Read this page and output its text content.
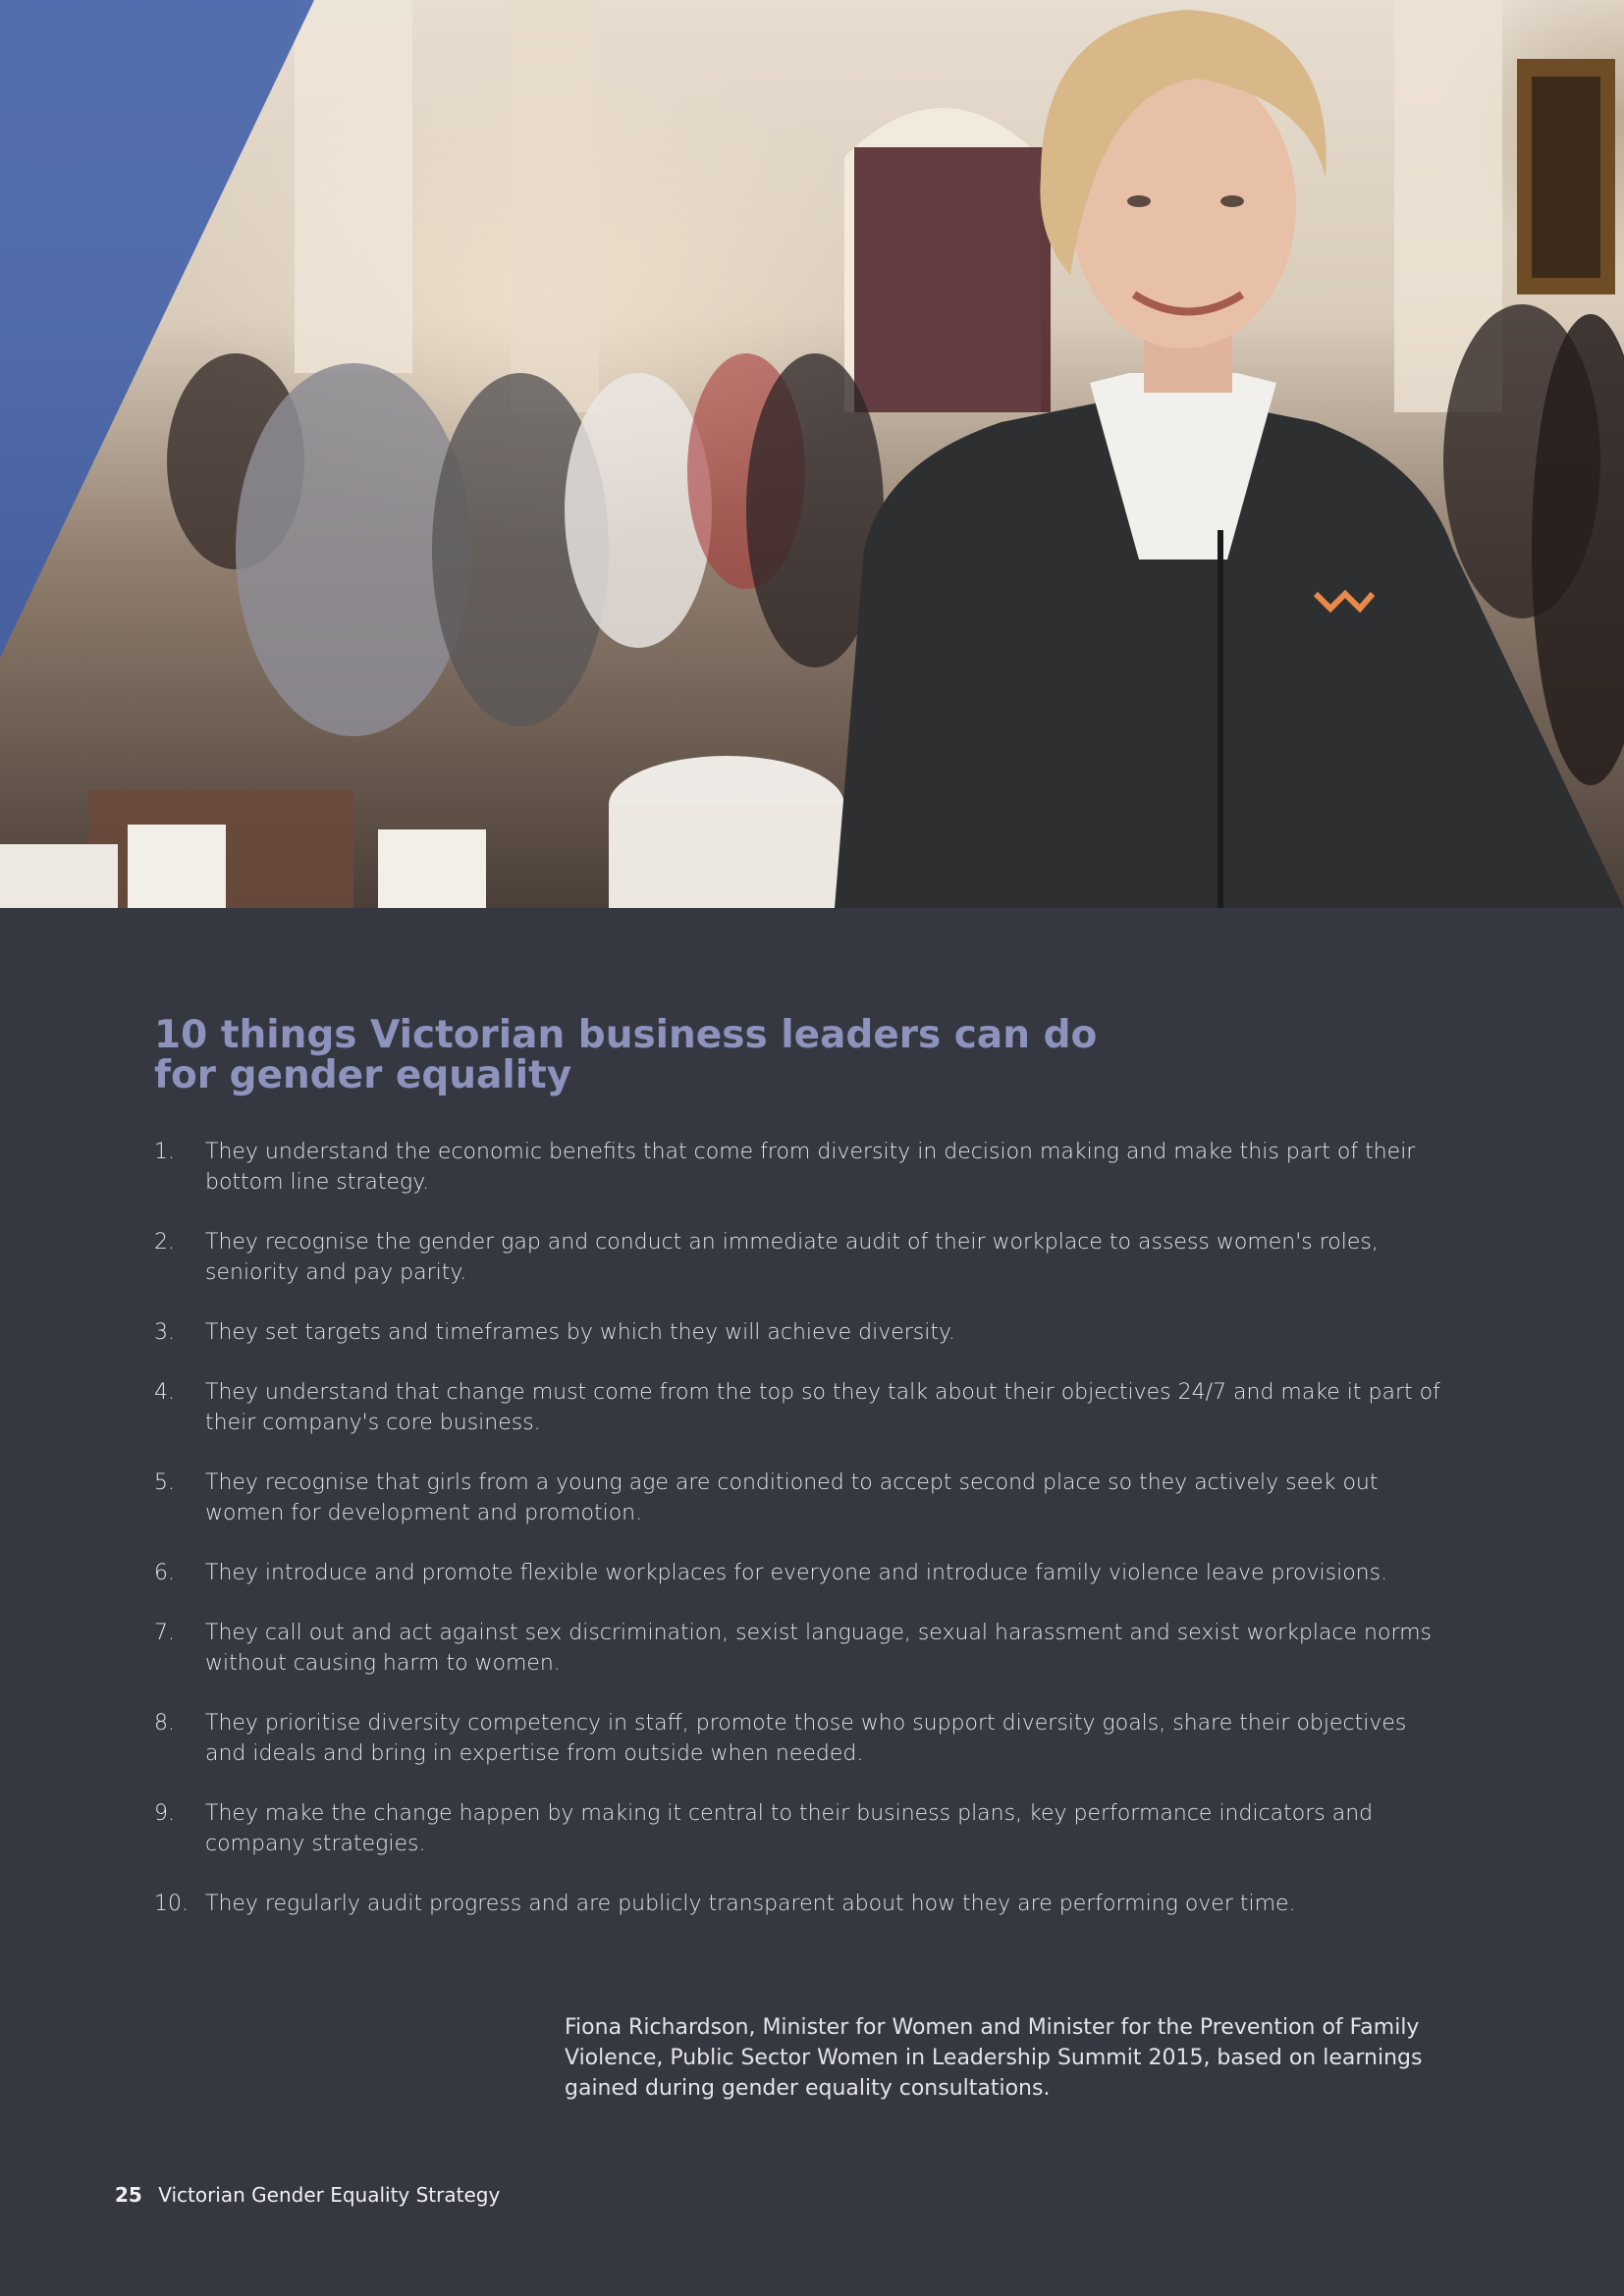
10 things Victorian business leaders can do for gender equality
1. They understand the economic benefits that come from diversity in decision making and make this part of their bottom line strategy.
2. They recognise the gender gap and conduct an immediate audit of their workplace to assess women's roles, seniority and pay parity.
3. They set targets and timeframes by which they will achieve diversity.
4. They understand that change must come from the top so they talk about their objectives 24/7 and make it part of their company's core business.
5. They recognise that girls from a young age are conditioned to accept second place so they actively seek out women for development and promotion.
6. They introduce and promote flexible workplaces for everyone and introduce family violence leave provisions.
7. They call out and act against sex discrimination, sexist language, sexual harassment and sexist workplace norms without causing harm to women.
8. They prioritise diversity competency in staff, promote those who support diversity goals, share their objectives and ideals and bring in expertise from outside when needed.
9. They make the change happen by making it central to their business plans, key performance indicators and company strategies.
10. They regularly audit progress and are publicly transparent about how they are performing over time.

Fiona Richardson, Minister for Women and Minister for the Prevention of Family Violence, Public Sector Women in Leadership Summit 2015, based on learnings gained during gender equality consultations.

25 Victorian Gender Equality Strategy
